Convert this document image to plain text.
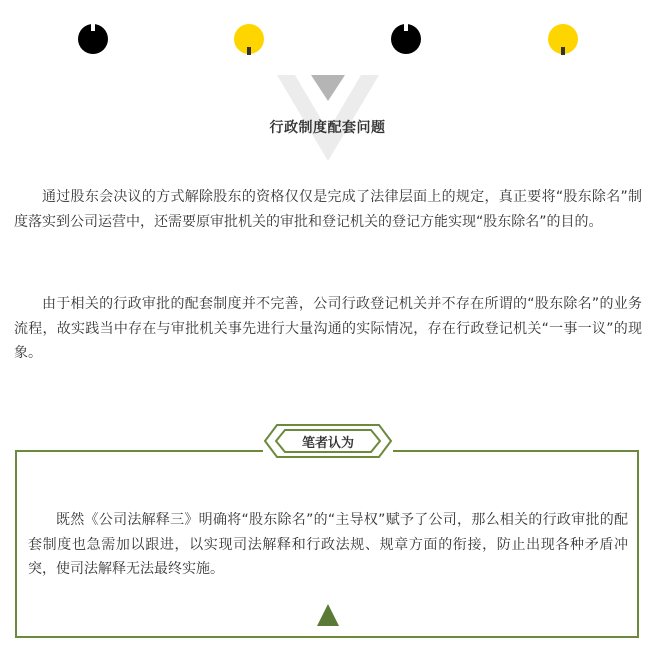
行政制度配套问题

通过股东会决议的方式解除股东的资格仅仅是完成了法律层面上的规定，真正要将“股东除名”制度落实到公司运营中，还需要原审批机关的审批和登记机关的登记方能实现“股东除名”的目的。

由于相关的行政审批的配套制度并不完善，公司行政登记机关并不存在所谓的“股东除名”的业务流程，故实践当中存在与审批机关事先进行大量沟通的实际情况，存在行政登记机关“一事一议”的现象。

笔者认为

既然《公司法解释三》明确将“股东除名”的“主导权”赋予了公司，那么相关的行政审批的配套制度也急需加以跟进，以实现司法解释和行政法规、规章方面的衔接，防止出现各种矛盾冲突，使司法解释无法最终实施。
